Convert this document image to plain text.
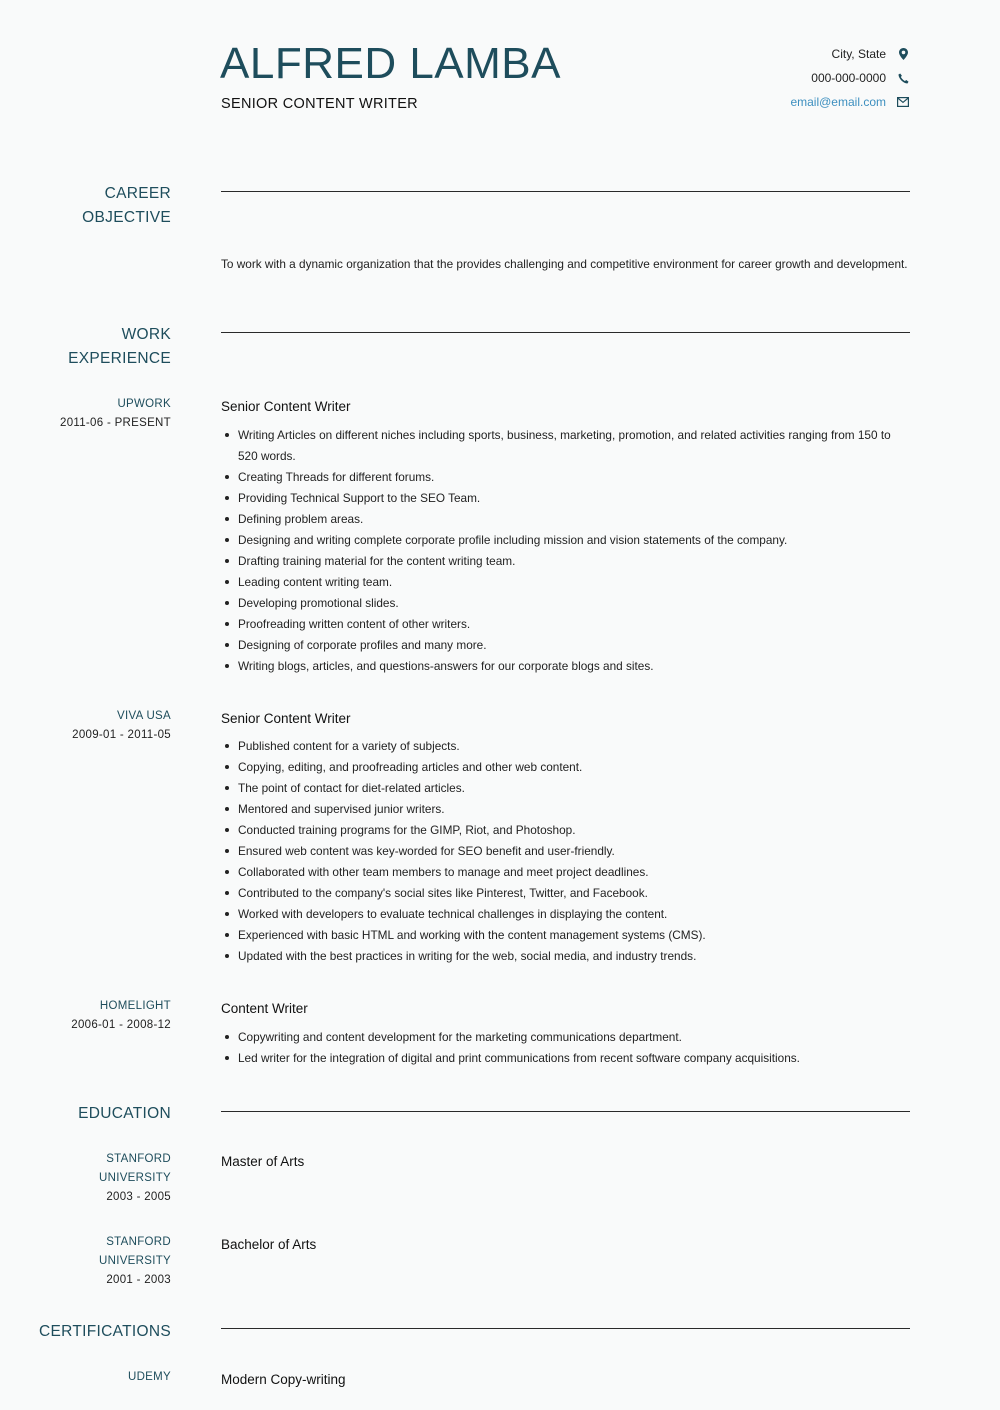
ALFRED LAMBA

SENIOR CONTENT WRITER

City, State
000-000-0000
email@email.com
CAREER
OBJECTIVE

To work with a dynamic organization that the provides challenging and competitive environment for career growth and development.

WORK
EXPERIENCE
UPWORK
2011-06 - PRESENT

Senior Content Writer

Writing Articles on different niches including sports, business, marketing, promotion, and related activities ranging from 150 to 520 words.
Creating Threads for different forums.
Providing Technical Support to the SEO Team.
Defining problem areas.
Designing and writing complete corporate profile including mission and vision statements of the company.
Drafting training material for the content writing team.
Leading content writing team.
Developing promotional slides.
Proofreading written content of other writers.
Designing of corporate profiles and many more.
Writing blogs, articles, and questions-answers for our corporate blogs and sites.
VIVA USA
2009-01 - 2011-05

Senior Content Writer

Published content for a variety of subjects.
Copying, editing, and proofreading articles and other web content.
The point of contact for diet-related articles.
Mentored and supervised junior writers.
Conducted training programs for the GIMP, Riot, and Photoshop.
Ensured web content was key-worded for SEO benefit and user-friendly.
Collaborated with other team members to manage and meet project deadlines.
Contributed to the company's social sites like Pinterest, Twitter, and Facebook.
Worked with developers to evaluate technical challenges in displaying the content.
Experienced with basic HTML and working with the content management systems (CMS).
Updated with the best practices in writing for the web, social media, and industry trends.
HOMELIGHT
2006-01 - 2008-12

Content Writer

Copywriting and content development for the marketing communications department.
Led writer for the integration of digital and print communications from recent software company acquisitions.
EDUCATION
STANFORD
UNIVERSITY
2003 - 2005

Master of Arts

STANFORD
UNIVERSITY
2001 - 2003

Bachelor of Arts

CERTIFICATIONS
UDEMY	Modern Copy-writing
